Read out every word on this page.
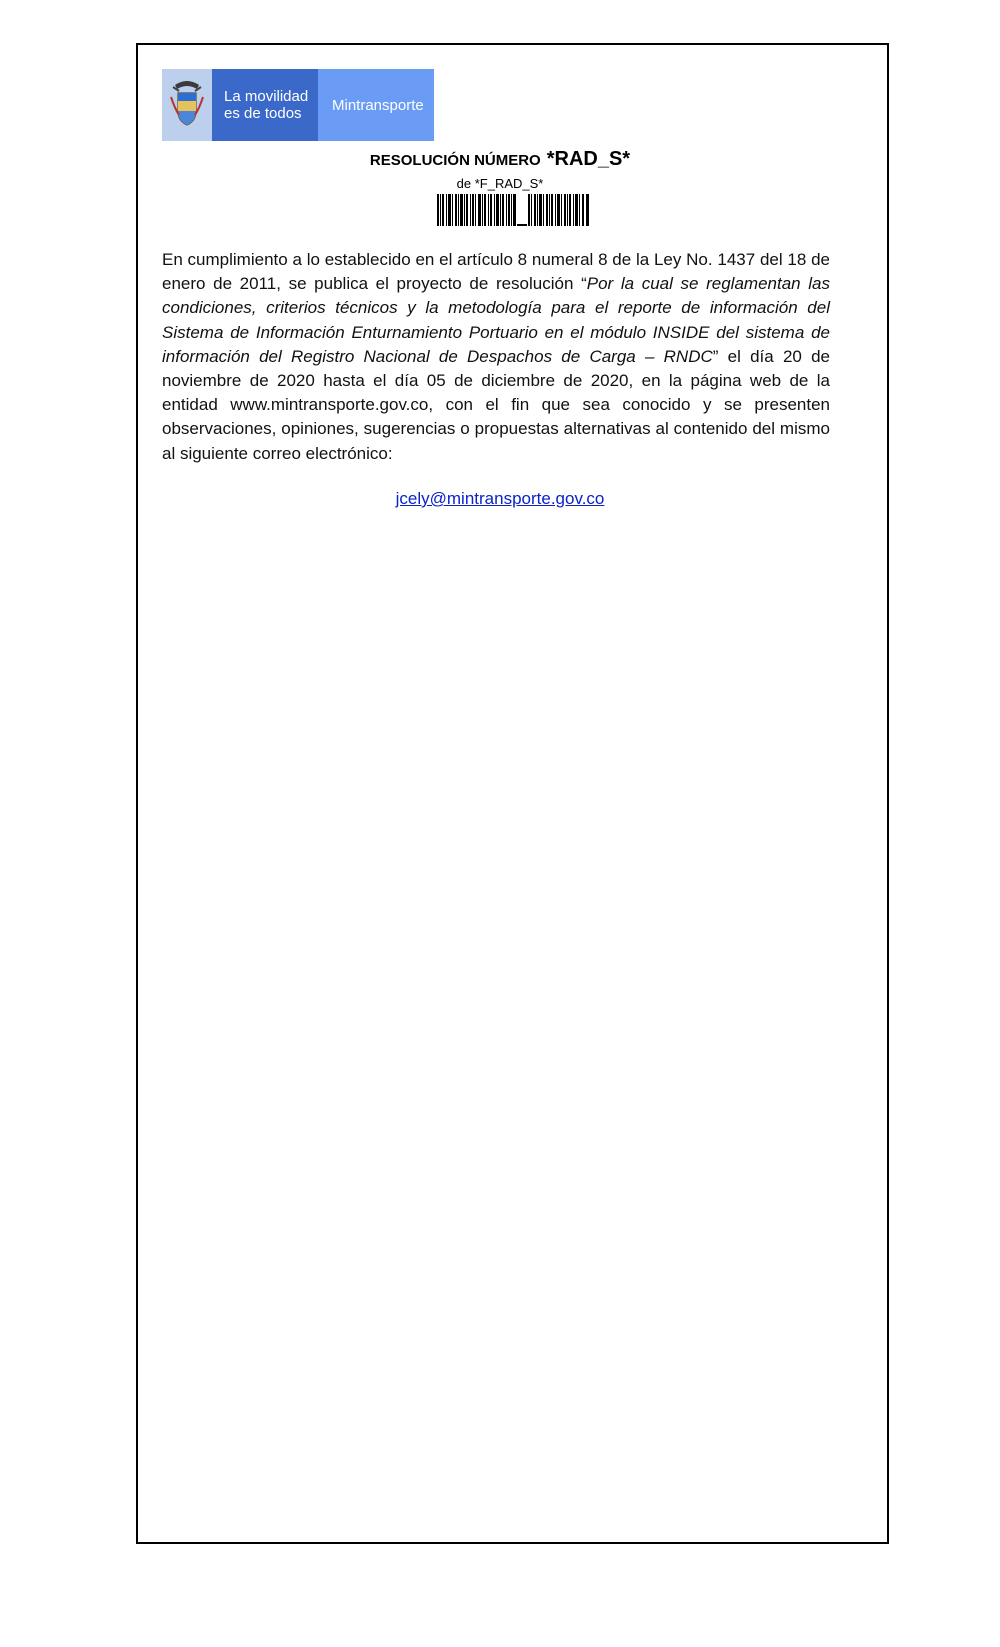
La movilidad
es de todos	Mintransporte
RESOLUCIÓN NÚMERO *RAD_S*
de *F_RAD_S*

En cumplimiento a lo establecido en el artículo 8 numeral 8 de la Ley No. 1437 del 18 de enero de 2011, se publica el proyecto de resolución “Por la cual se reglamentan las condiciones, criterios técnicos y la metodología para el reporte de información del Sistema de Información Enturnamiento Portuario en el módulo INSIDE del sistema de información del Registro Nacional de Despachos de Carga – RNDC” el día 20 de noviembre de 2020 hasta el día 05 de diciembre de 2020, en la página web de la entidad www.mintransporte.gov.co, con el fin que sea conocido y se presenten observaciones, opiniones, sugerencias o propuestas alternativas al contenido del mismo al siguiente correo electrónico:

jcely@mintransporte.gov.co
